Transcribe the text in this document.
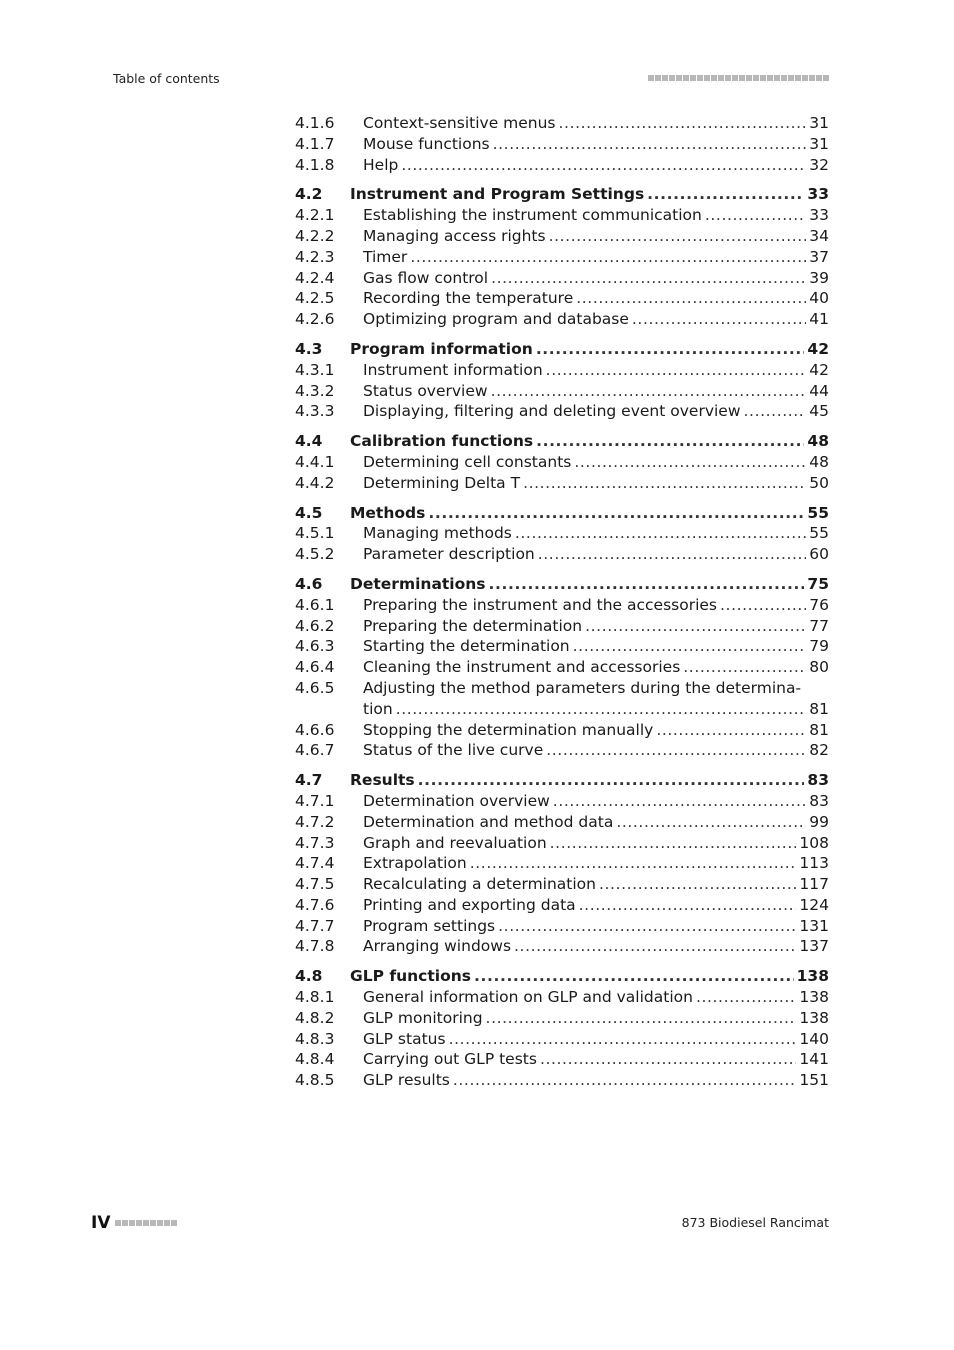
Table of contents
4.1.6	Context-sensitive menus .....	31
4.1.7	Mouse functions .....	31
4.1.8	Help .....	32
4.2	Instrument and Program Settings .....	33
4.2.1	Establishing the instrument communication .....	33
4.2.2	Managing access rights .....	34
4.2.3	Timer .....	37
4.2.4	Gas flow control .....	39
4.2.5	Recording the temperature .....	40
4.2.6	Optimizing program and database .....	41
4.3	Program information .....	42
4.3.1	Instrument information .....	42
4.3.2	Status overview .....	44
4.3.3	Displaying, filtering and deleting event overview .....	45
4.4	Calibration functions .....	48
4.4.1	Determining cell constants .....	48
4.4.2	Determining Delta T .....	50
4.5	Methods .....	55
4.5.1	Managing methods .....	55
4.5.2	Parameter description .....	60
4.6	Determinations .....	75
4.6.1	Preparing the instrument and the accessories .....	76
4.6.2	Preparing the determination .....	77
4.6.3	Starting the determination .....	79
4.6.4	Cleaning the instrument and accessories .....	80
4.6.5	Adjusting the method parameters during the determina-
tion .....	81
4.6.6	Stopping the determination manually .....	81
4.6.7	Status of the live curve .....	82
4.7	Results .....	83
4.7.1	Determination overview .....	83
4.7.2	Determination and method data .....	99
4.7.3	Graph and reevaluation .....	108
4.7.4	Extrapolation .....	113
4.7.5	Recalculating a determination .....	117
4.7.6	Printing and exporting data .....	124
4.7.7	Program settings .....	131
4.7.8	Arranging windows .....	137
4.8	GLP functions .....	138
4.8.1	General information on GLP and validation .....	138
4.8.2	GLP monitoring .....	138
4.8.3	GLP status .....	140
4.8.4	Carrying out GLP tests .....	141
4.8.5	GLP results .....	151
IV	873 Biodiesel Rancimat
